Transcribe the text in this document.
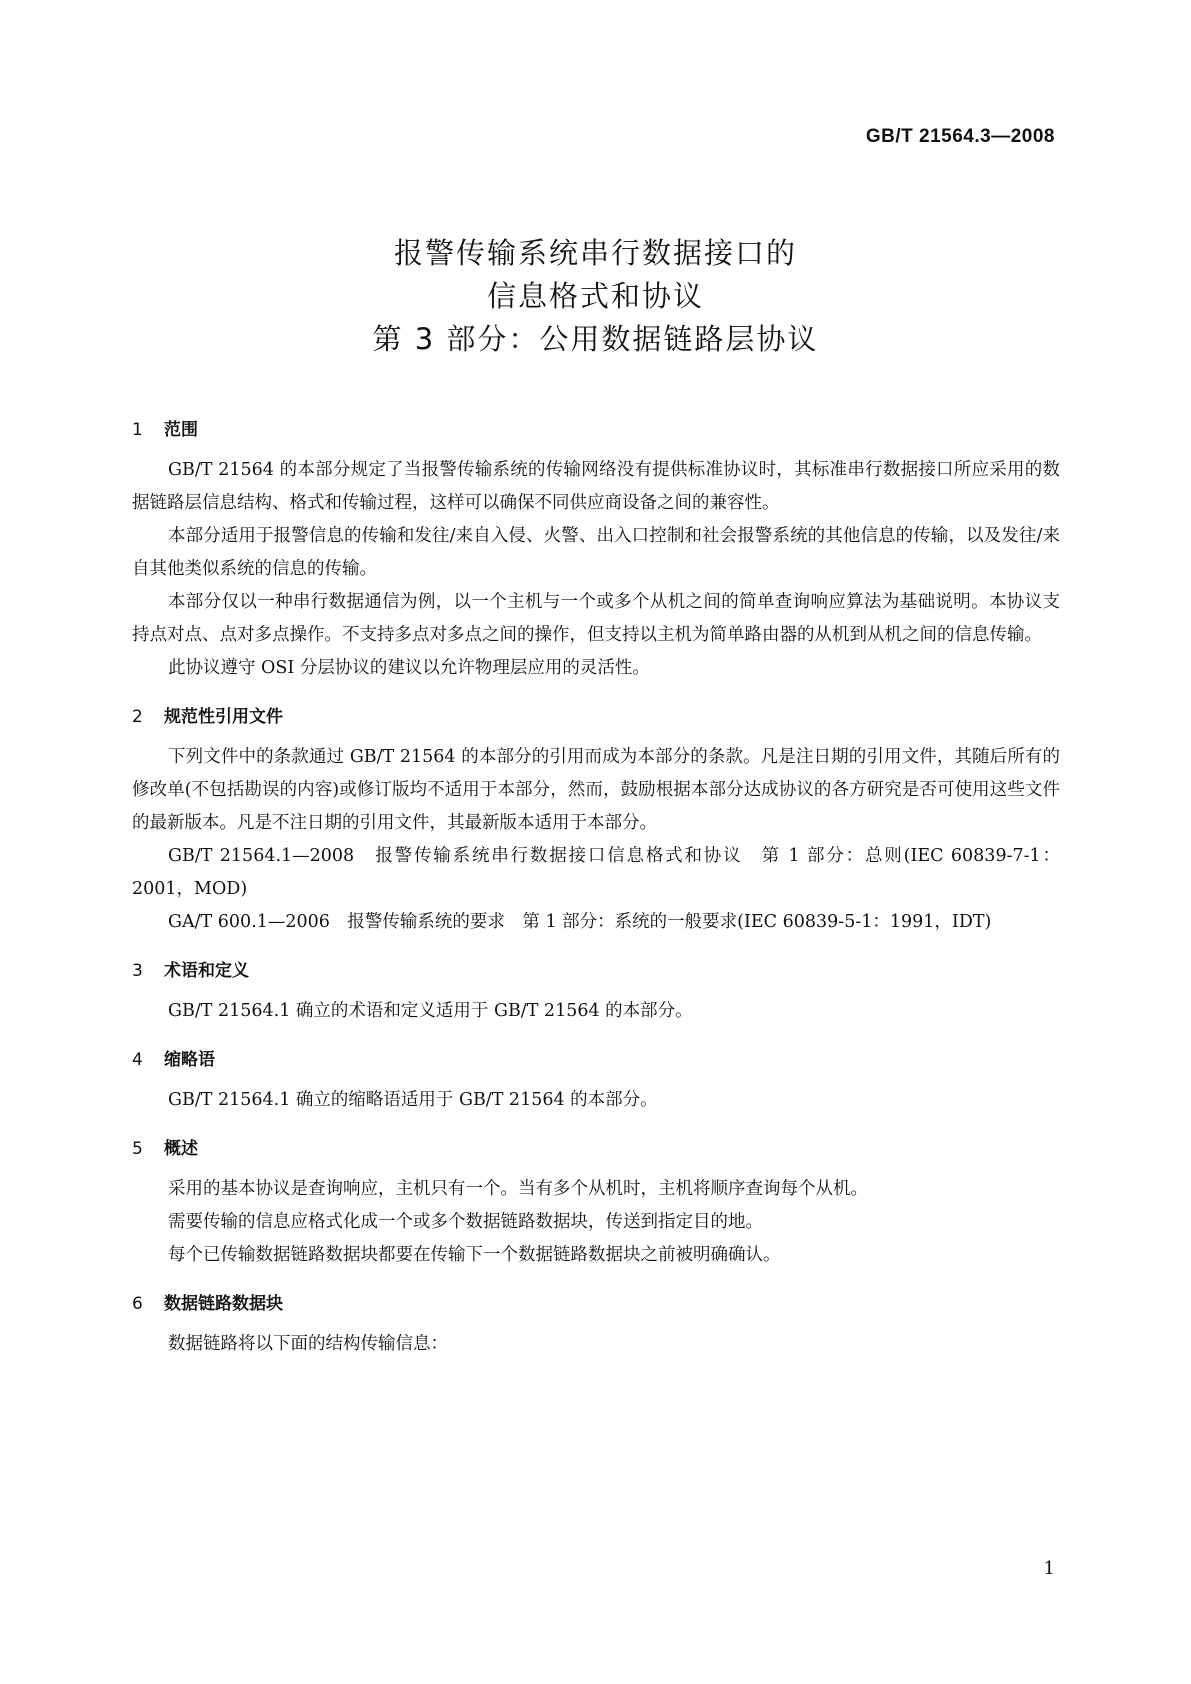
GB/T 21564.3—2008
报警传输系统串行数据接口的
信息格式和协议
第 3 部分：公用数据链路层协议
1 范围

GB/T 21564 的本部分规定了当报警传输系统的传输网络没有提供标准协议时，其标准串行数据接口所应采用的数据链路层信息结构、格式和传输过程，这样可以确保不同供应商设备之间的兼容性。

本部分适用于报警信息的传输和发往/来自入侵、火警、出入口控制和社会报警系统的其他信息的传输，以及发往/来自其他类似系统的信息的传输。

本部分仅以一种串行数据通信为例，以一个主机与一个或多个从机之间的简单查询响应算法为基础说明。本协议支持点对点、点对多点操作。不支持多点对多点之间的操作，但支持以主机为简单路由器的从机到从机之间的信息传输。

此协议遵守 OSI 分层协议的建议以允许物理层应用的灵活性。

2 规范性引用文件

下列文件中的条款通过 GB/T 21564 的本部分的引用而成为本部分的条款。凡是注日期的引用文件，其随后所有的修改单(不包括勘误的内容)或修订版均不适用于本部分，然而，鼓励根据本部分达成协议的各方研究是否可使用这些文件的最新版本。凡是不注日期的引用文件，其最新版本适用于本部分。

GB/T 21564.1—2008　报警传输系统串行数据接口信息格式和协议　第 1 部分：总则(IEC 60839-7-1：2001，MOD)

GA/T 600.1—2006　报警传输系统的要求　第 1 部分：系统的一般要求(IEC 60839-5-1：1991，IDT)

3 术语和定义

GB/T 21564.1 确立的术语和定义适用于 GB/T 21564 的本部分。

4 缩略语

GB/T 21564.1 确立的缩略语适用于 GB/T 21564 的本部分。

5 概述

采用的基本协议是查询响应，主机只有一个。当有多个从机时，主机将顺序查询每个从机。

需要传输的信息应格式化成一个或多个数据链路数据块，传送到指定目的地。

每个已传输数据链路数据块都要在传输下一个数据链路数据块之前被明确确认。

6 数据链路数据块

数据链路将以下面的结构传输信息：

1
